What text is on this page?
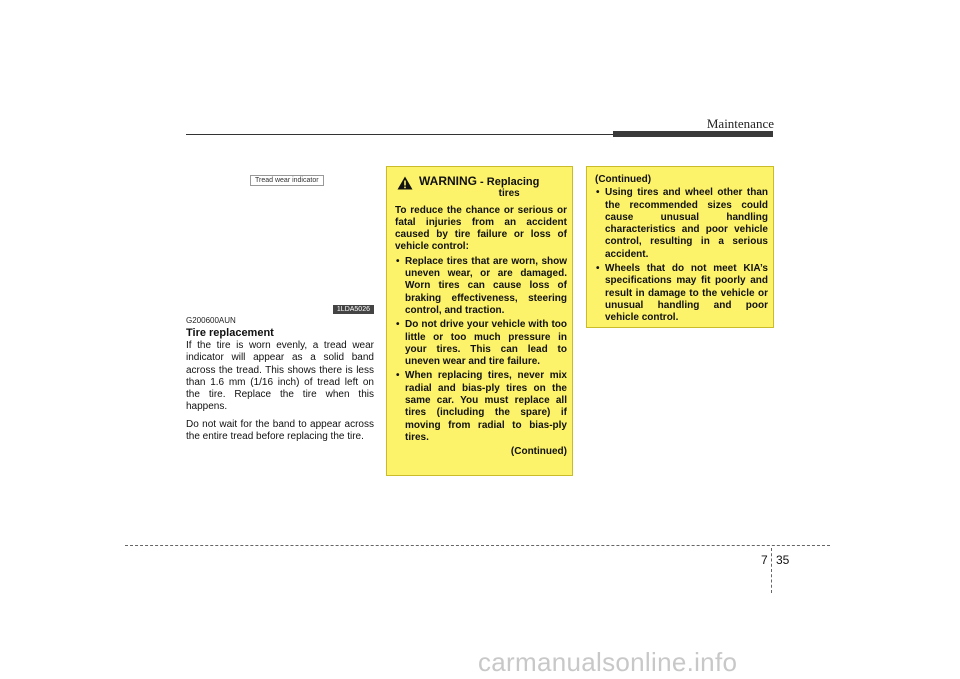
Maintenance
Tread wear indicator
1LDA5026
G200600AUN
Tire replacement

If the tire is worn evenly, a tread wear indicator will appear as a solid band across the tread. This shows there is less than 1.6 mm (1/16 inch) of tread left on the tire. Replace the tire when this happens.

Do not wait for the band to appear across the entire tread before replacing the tire.

WARNING - Replacing
tires
To reduce the chance or serious or fatal injuries from an accident caused by tire failure or loss of vehicle control:
• Replace tires that are worn, show uneven wear, or are damaged. Worn tires can cause loss of braking effectiveness, steering control, and traction.
• Do not drive your vehicle with too little or too much pressure in your tires. This can lead to uneven wear and tire failure.
• When replacing tires, never mix radial and bias-ply tires on the same car. You must replace all tires (including the spare) if moving from radial to bias-ply tires.
(Continued)
(Continued)
• Using tires and wheel other than the recommended sizes could cause unusual handling characteristics and poor vehicle control, resulting in a serious accident.
• Wheels that do not meet KIA’s specifications may fit poorly and result in damage to the vehicle or unusual handling and poor vehicle control.
7 35
carmanualsonline.info
